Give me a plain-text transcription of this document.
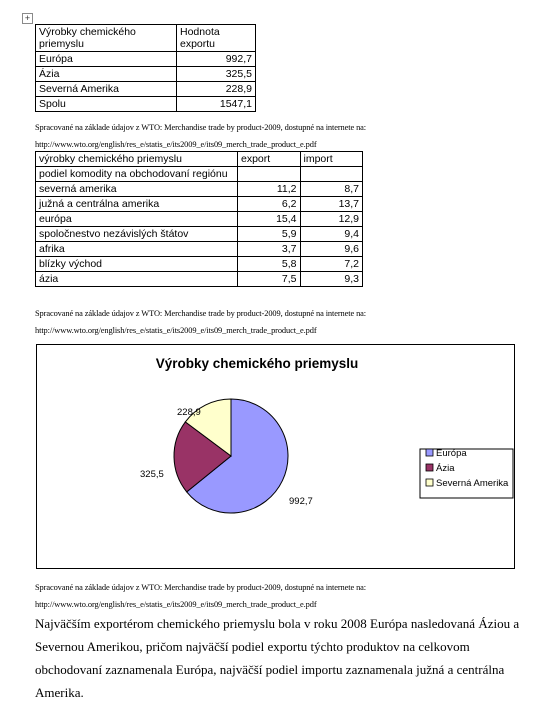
+
Výrobky chemického priemyslu	Hodnota exportu
Európa	992,7
Ázia	325,5
Severná Amerika	228,9
Spolu	1547,1
Spracované na základe údajov z WTO: Merchandise trade by product-2009, dostupné na internete na:
http://www.wto.org/english/res_e/statis_e/its2009_e/its09_merch_trade_product_e.pdf
výrobky chemického priemyslu	export	import
podiel komodity na obchodovaní regiónu		
severná amerika	11,2	8,7
južná a centrálna amerika	6,2	13,7
európa	15,4	12,9
spoločnestvo nezávislých štátov	5,9	9,4
afrika	3,7	9,6
blízky východ	5,8	7,2
ázia	7,5	9,3
Spracované na základe údajov z WTO: Merchandise trade by product-2009, dostupné na internete na:
http://www.wto.org/english/res_e/statis_e/its2009_e/its09_merch_trade_product_e.pdf
Výrobky chemického priemyslu
992,7
325,5
228,9
Európa
Ázia
Severná Amerika
Spracované na základe údajov z WTO: Merchandise trade by product-2009, dostupné na internete na:
http://www.wto.org/english/res_e/statis_e/its2009_e/its09_merch_trade_product_e.pdf
Najväčším exportérom chemického priemyslu bola v roku 2008 Európa nasledovaná Áziou a Severnou Amerikou, pričom najväčší podiel exportu týchto produktov na celkovom obchodovaní zaznamenala Európa, najväčší podiel importu zaznamenala južná a centrálna Amerika.
